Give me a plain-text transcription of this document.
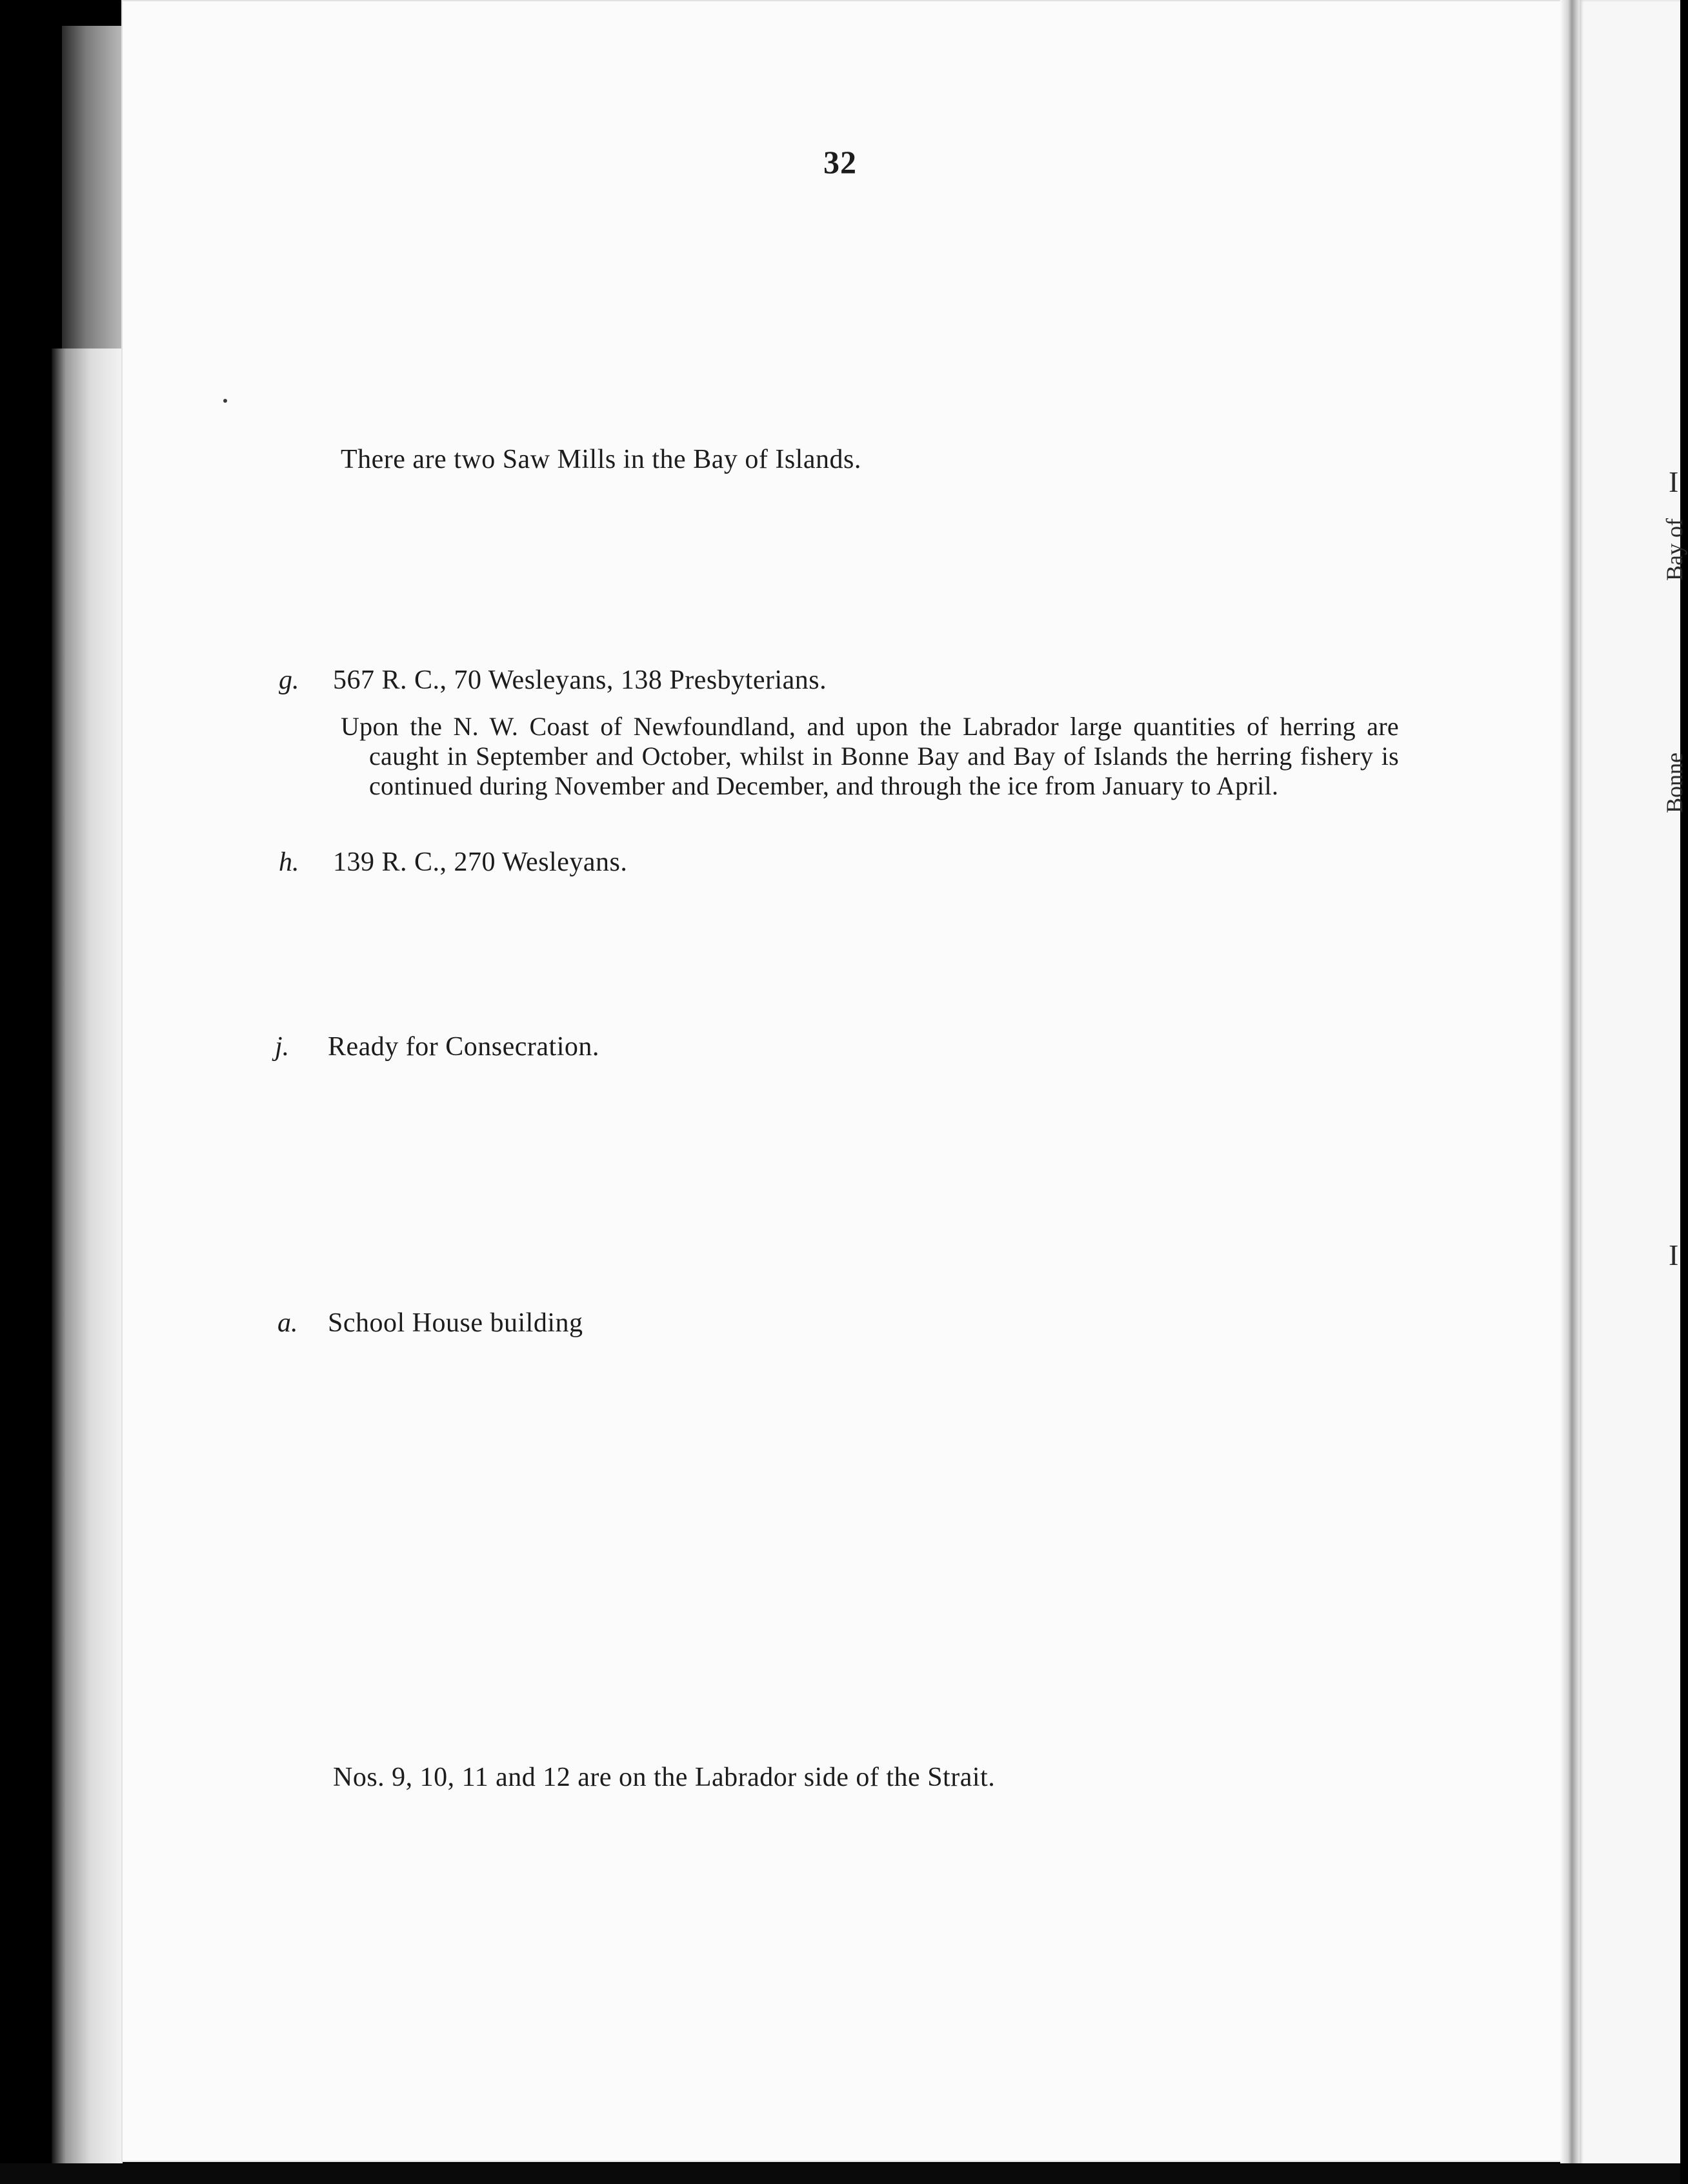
I
Bay of
Bonne
I
32
There are two Saw Mills in the Bay of Islands.
g. 567 R. C., 70 Wesleyans, 138 Presbyterians.
Upon the N. W. Coast of Newfoundland, and upon the Labrador large quantities of herring are caught in September and October, whilst in Bonne Bay and Bay of Islands the herring fishery is continued during November and December, and through the ice from January to April.
h. 139 R. C., 270 Wesleyans.
j. Ready for Consecration.
a. School House building
Nos. 9, 10, 11 and 12 are on the Labrador side of the Strait.
